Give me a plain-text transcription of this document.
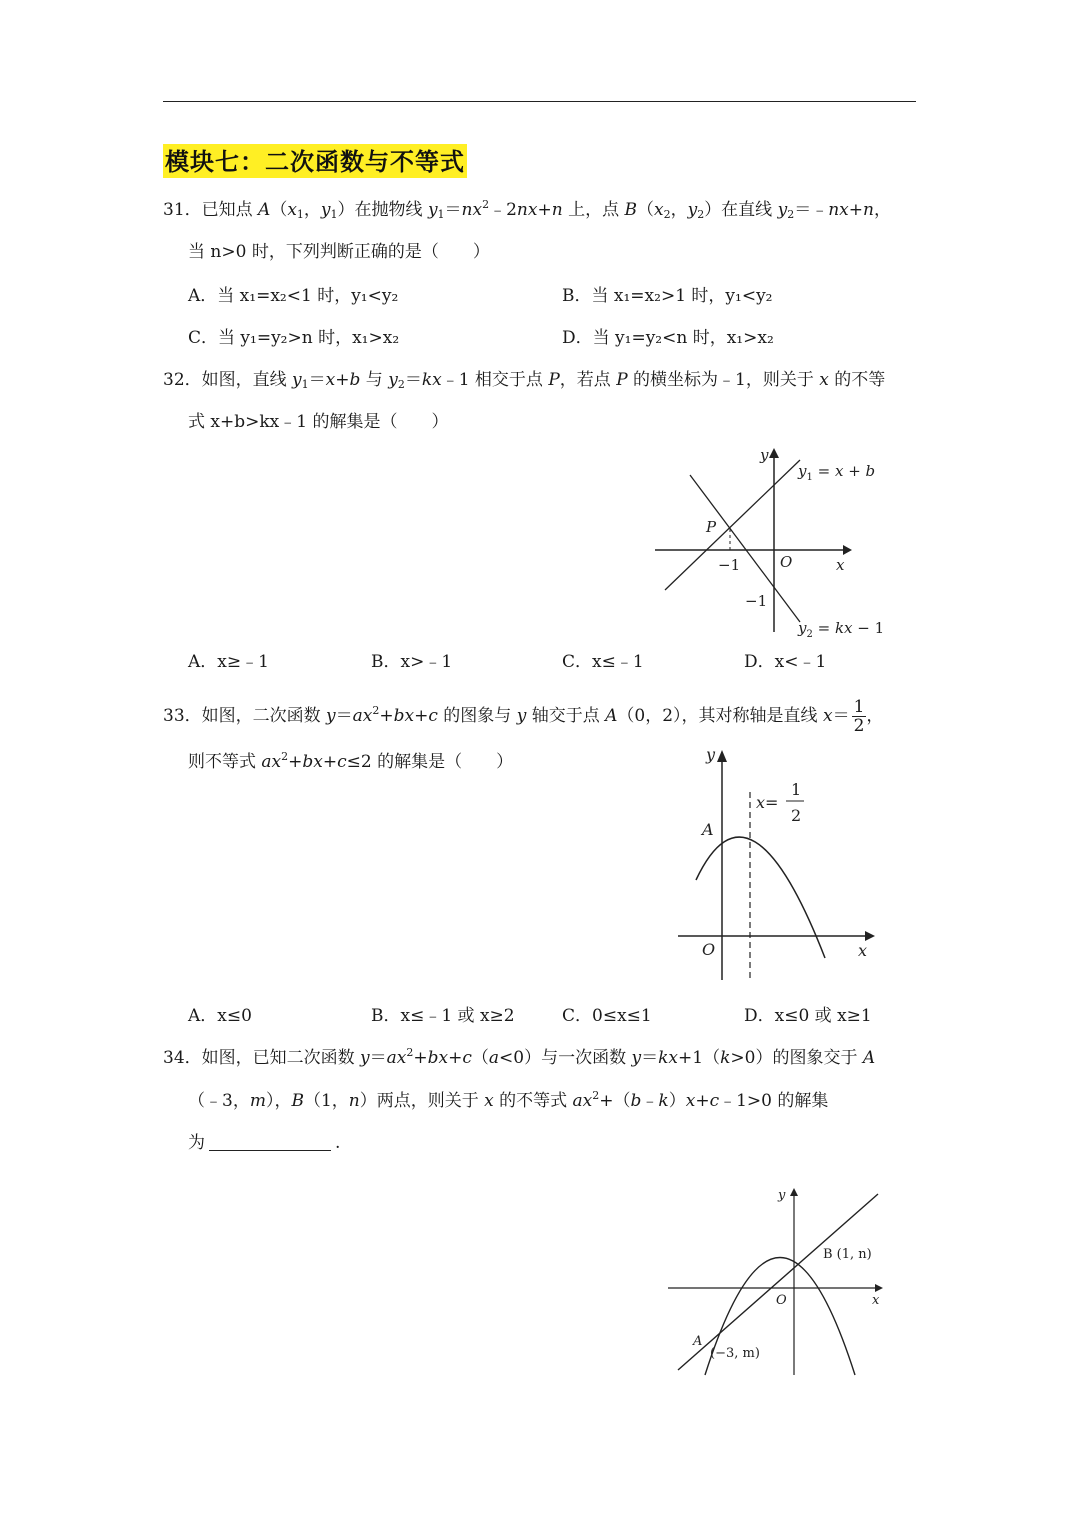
模块七：二次函数与不等式
31．已知点 $A(x_1$，$y_1$）在抛物线 $y_1=nx^2﹣2nx+n$ 上，点 $B(x_2$，$y_2$）在直线 $y_2=﹣nx+n$，
当 n>0 时，下列判断正确的是（　　）
A．当 x₁=x₂<1 时，y₁<y₂	B．当 x₁=x₂>1 时，y₁<y₂
C．当 y₁=y₂>n 时，x₁>x₂	D．当 y₁=y₂<n 时，x₁>x₂
32．如图，直线 $y_1=x+b$ 与 $y_2=kx﹣1$ 相交于点 P，若点 P 的横坐标为﹣1，则关于 x 的不等
式 x+b>kx﹣1 的解集是（　　）
y
x
O
P
−1
−1
$y_1 = x + b$
$y_2$ = kx − 1
A．x≥﹣1	B．x>﹣1	C．x≤﹣1	D．x<﹣1
33．如图，二次函数 $y=ax^2+bx+c$ 的图象与 y 轴交于点 A（0，2），其对称轴是直线 $x= \frac{1}{2}$ ，
则不等式 $ax^2+bx+c\le 2$ 的解集是（　　）	y
x
O
A
x=
1
2
A．x≤0	B．x≤﹣1 或 x≥2	C．0≤x≤1	D．x≤0 或 x≥1
34．如图，已知二次函数 $y=ax^2+bx+c(a<0)$与一次函数 y＝kx+1（k>0）的图象交于 A
（﹣3，m），B（1，n）两点，则关于 x 的不等式 $ax^2+(b﹣k)x+c﹣1>0$ 的解集
为	.
y
x
O
A
(−3, m)
B (1, n)
